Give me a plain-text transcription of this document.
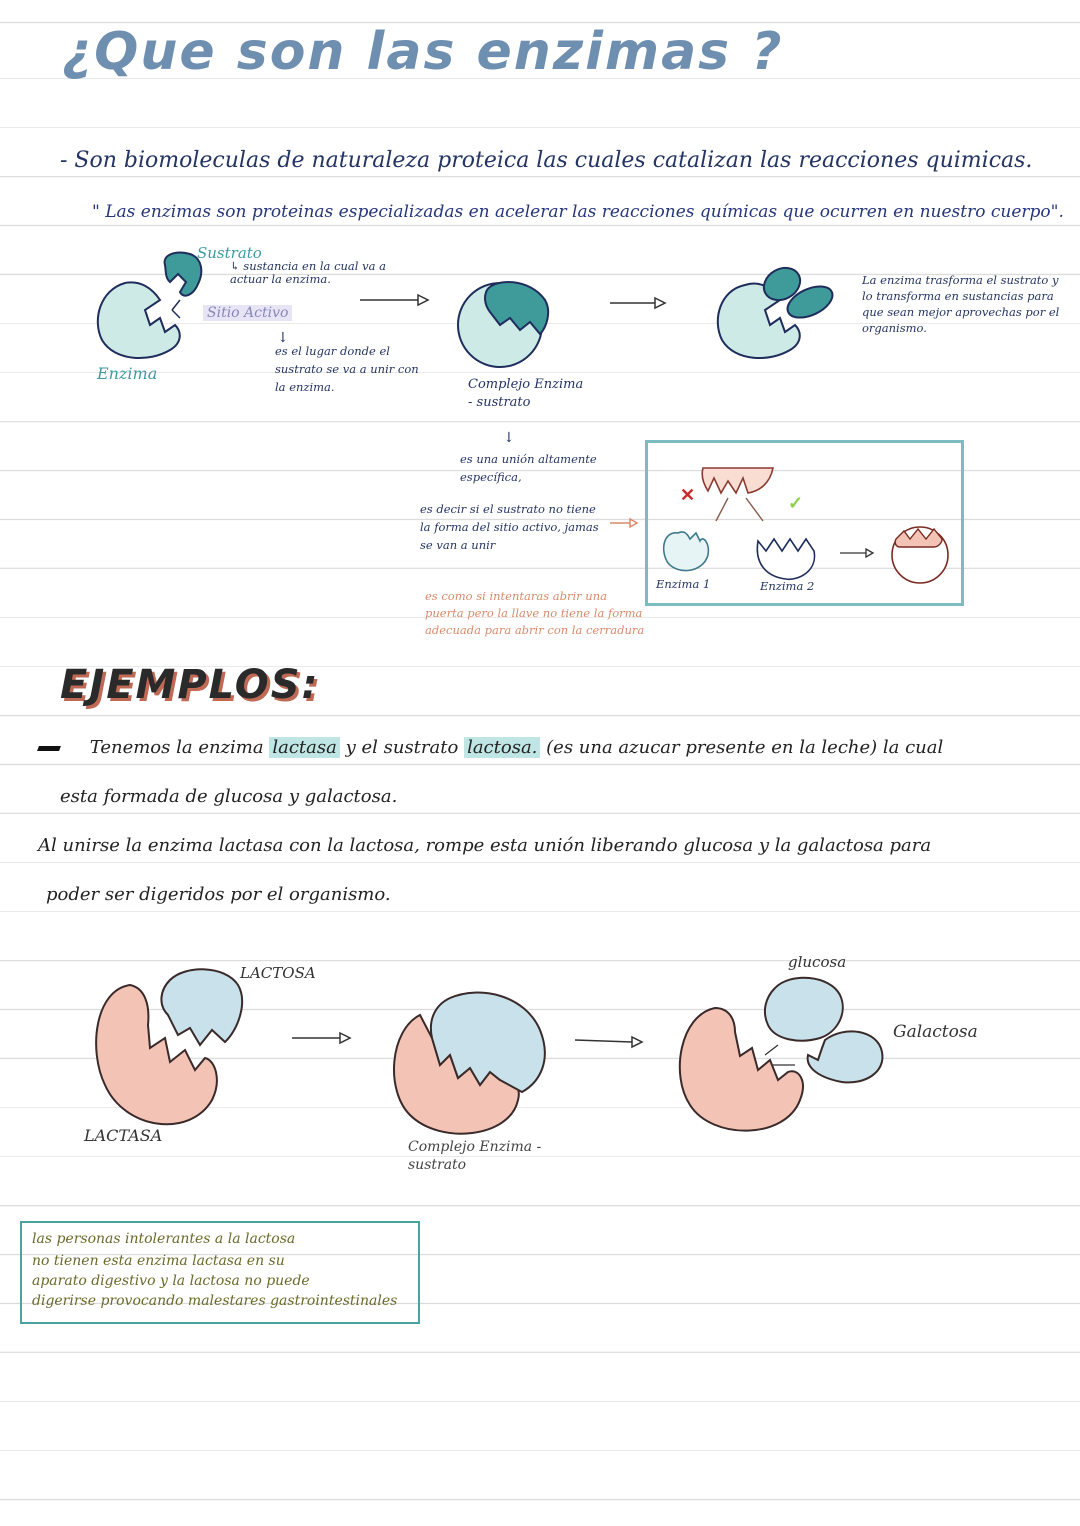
¿Que son las enzimas ?
- Son biomoleculas de naturaleza proteica las cuales catalizan las reacciones quimicas.
" Las enzimas son proteinas especializadas en acelerar las reacciones químicas que ocurren en nuestro cuerpo".
↓
↓
Sustrato
↳ sustancia en la cual va a actuar la enzima.
Sitio Activo
es el lugar donde el sustrato se va a unir con la enzima.
Enzima
Complejo Enzima - sustrato
La enzima trasforma el sustrato y lo transforma en sustancias para que sean mejor aprovechas por el organismo.
es una unión altamente específica,
es decir si el sustrato no tiene la forma del sitio activo, jamas se van a unir
es como si intentaras abrir una puerta pero la llave no tiene la forma adecuada para abrir con la cerradura
✕	✓
Enzima 1	Enzima 2
EJEMPLOS:
Tenemos la enzima lactasa y el sustrato lactosa. (es una azucar presente en la leche) la cual
esta formada de glucosa y galactosa.
Al unirse la enzima lactasa con la lactosa, rompe esta unión liberando glucosa y la galactosa para
poder ser digeridos por el organismo.
LACTOSA
LACTASA
Complejo Enzima - sustrato
glucosa
Galactosa
las personas intolerantes a la lactosa
no tienen esta enzima lactasa en su
aparato digestivo y la lactosa no puede
digerirse provocando malestares gastrointestinales
